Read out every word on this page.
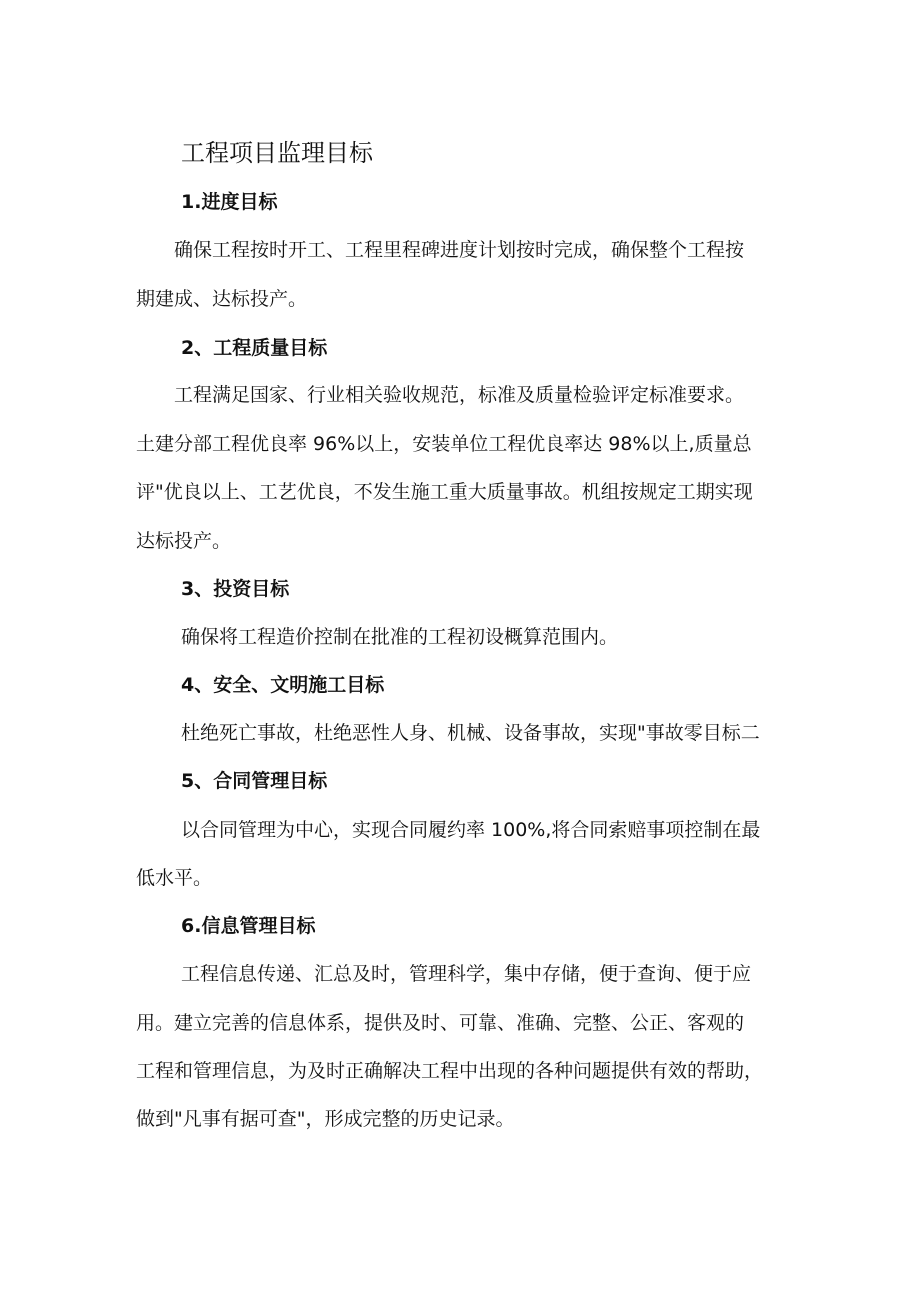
工程项目监理目标
1.进度目标
确保工程按时开工、工程里程碑进度计划按时完成，确保整个工程按
期建成、达标投产。
2、工程质量目标
工程满足国家、行业相关验收规范，标准及质量检验评定标准要求。
土建分部工程优良率 96%以上，安装单位工程优良率达 98%以上,质量总
评"优良以上、工艺优良，不发生施工重大质量事故。机组按规定工期实现
达标投产。
3、投资目标
确保将工程造价控制在批准的工程初设概算范围内。
4、安全、文明施工目标
杜绝死亡事故，杜绝恶性人身、机械、设备事故，实现"事故零目标二
5、合同管理目标
以合同管理为中心，实现合同履约率 100%,将合同索赔事项控制在最
低水平。
6.信息管理目标
工程信息传递、汇总及时，管理科学，集中存储，便于查询、便于应
用。建立完善的信息体系，提供及时、可靠、准确、完整、公正、客观的
工程和管理信息，为及时正确解决工程中出现的各种问题提供有效的帮助，
做到"凡事有据可查"，形成完整的历史记录。
